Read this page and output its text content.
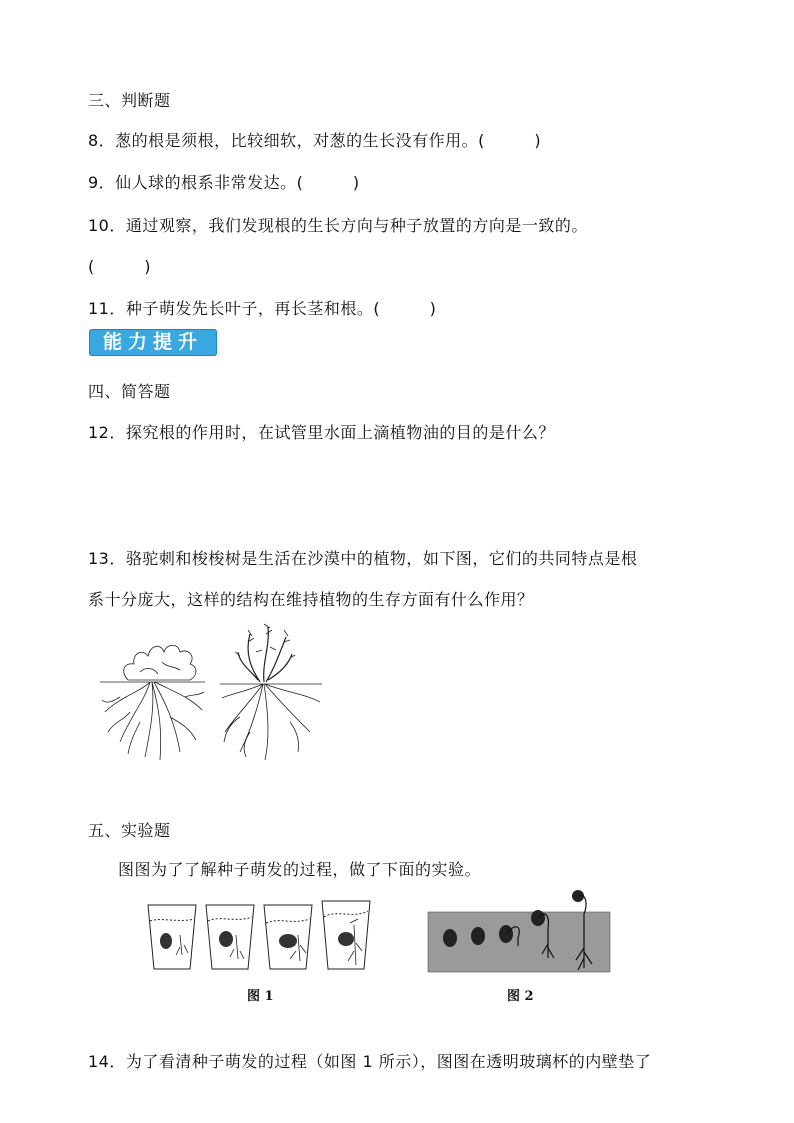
三、判断题
8．葱的根是须根，比较细软，对葱的生长没有作用。(　　　)
9．仙人球的根系非常发达。(　　　)
10．通过观察，我们发现根的生长方向与种子放置的方向是一致的。
(　　　)
11．种子萌发先长叶子，再长茎和根。(　　　)
能力提升
四、简答题
12．探究根的作用时，在试管里水面上滴植物油的目的是什么？
13．骆驼刺和梭梭树是生活在沙漠中的植物，如下图，它们的共同特点是根
系十分庞大，这样的结构在维持植物的生存方面有什么作用？
五、实验题
图图为了了解种子萌发的过程，做了下面的实验。
图 1	图 2
14．为了看清种子萌发的过程（如图 1 所示），图图在透明玻璃杯的内壁垫了
